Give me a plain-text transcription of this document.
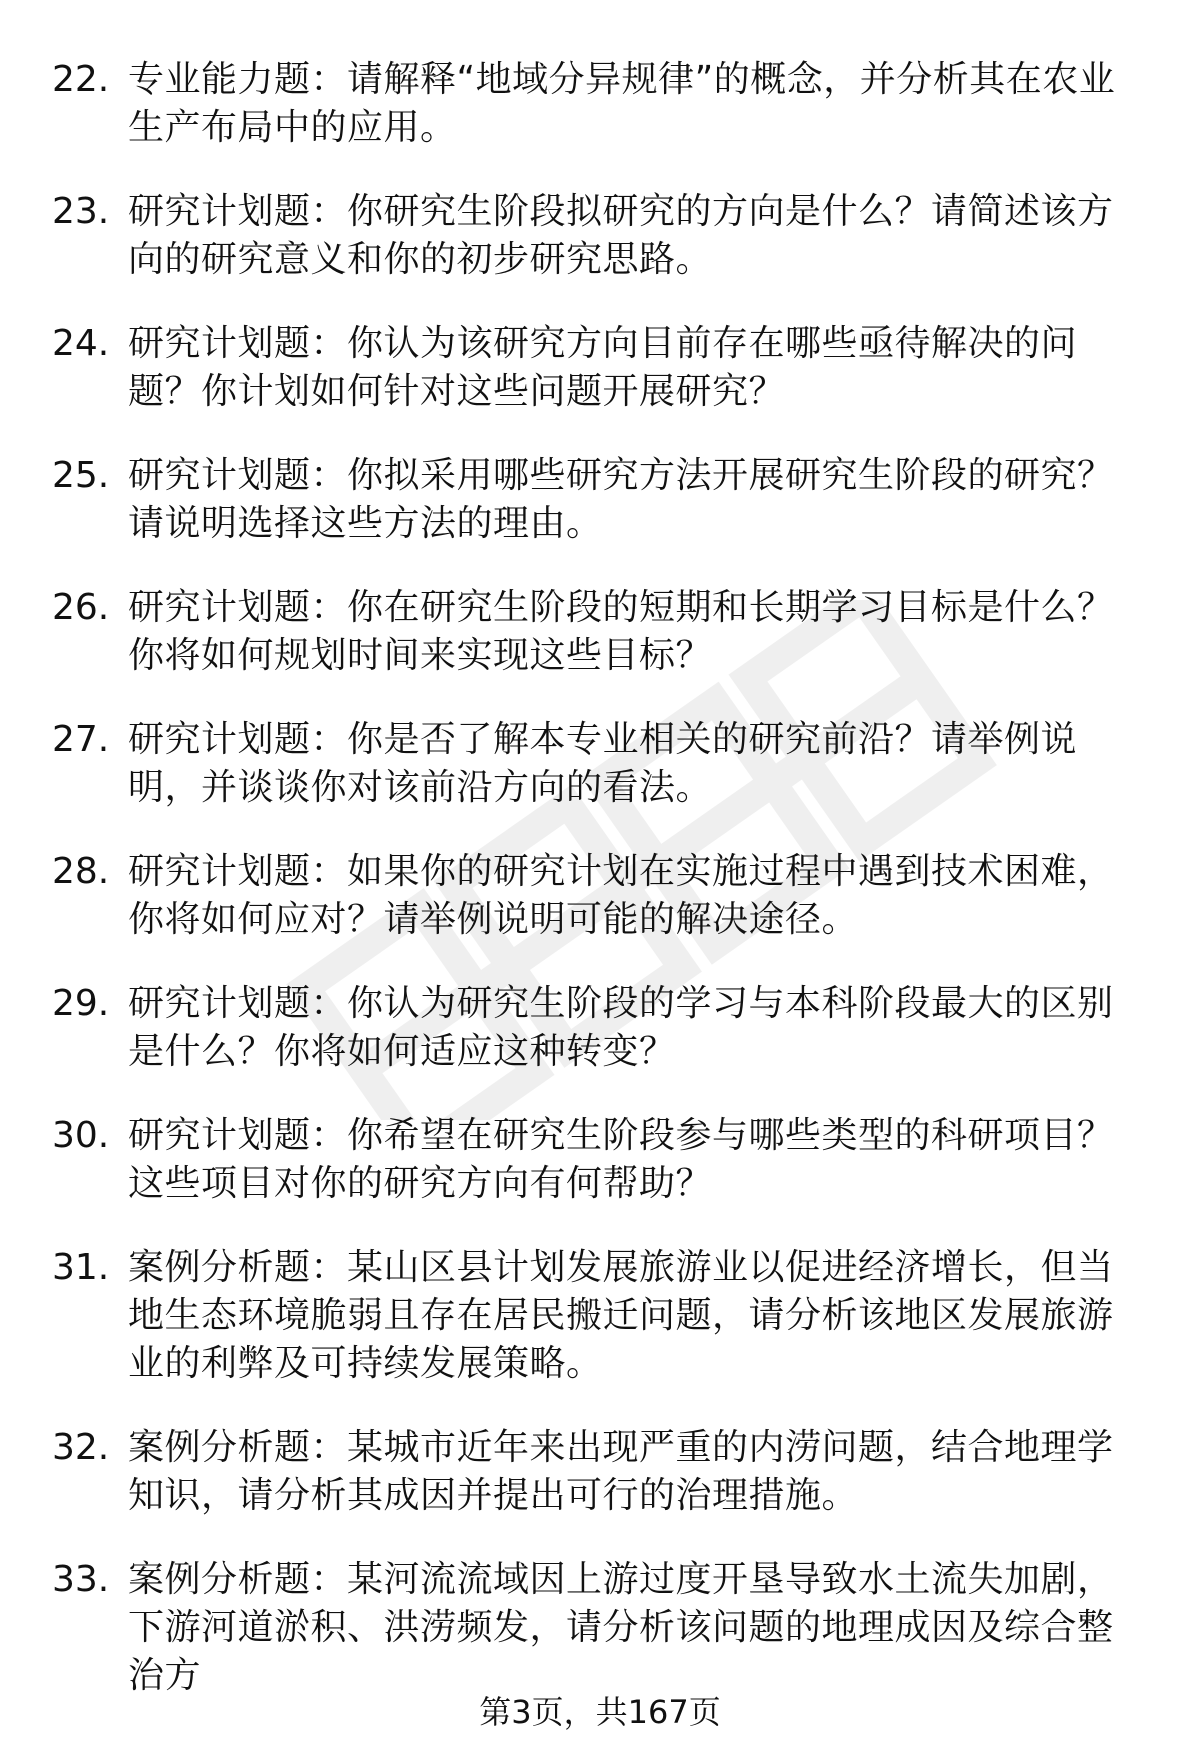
22. 专业能力题：请解释“地域分异规律”的概念，并分析其在农业生产布局中的应用。
23. 研究计划题：你研究生阶段拟研究的方向是什么？请简述该方向的研究意义和你的初步研究思路。
24. 研究计划题：你认为该研究方向目前存在哪些亟待解决的问题？你计划如何针对这些问题开展研究？
25. 研究计划题：你拟采用哪些研究方法开展研究生阶段的研究？请说明选择这些方法的理由。
26. 研究计划题：你在研究生阶段的短期和长期学习目标是什么？你将如何规划时间来实现这些目标？
27. 研究计划题：你是否了解本专业相关的研究前沿？请举例说明，并谈谈你对该前沿方向的看法。
28. 研究计划题：如果你的研究计划在实施过程中遇到技术困难，你将如何应对？请举例说明可能的解决途径。
29. 研究计划题：你认为研究生阶段的学习与本科阶段最大的区别是什么？你将如何适应这种转变？
30. 研究计划题：你希望在研究生阶段参与哪些类型的科研项目？这些项目对你的研究方向有何帮助？
31. 案例分析题：某山区县计划发展旅游业以促进经济增长，但当地生态环境脆弱且存在居民搬迁问题，请分析该地区发展旅游业的利弊及可持续发展策略。
32. 案例分析题：某城市近年来出现严重的内涝问题，结合地理学知识，请分析其成因并提出可行的治理措施。
33. 案例分析题：某河流流域因上游过度开垦导致水土流失加剧，下游河道淤积、洪涝频发，请分析该问题的地理成因及综合整治方
第3页，共167页
